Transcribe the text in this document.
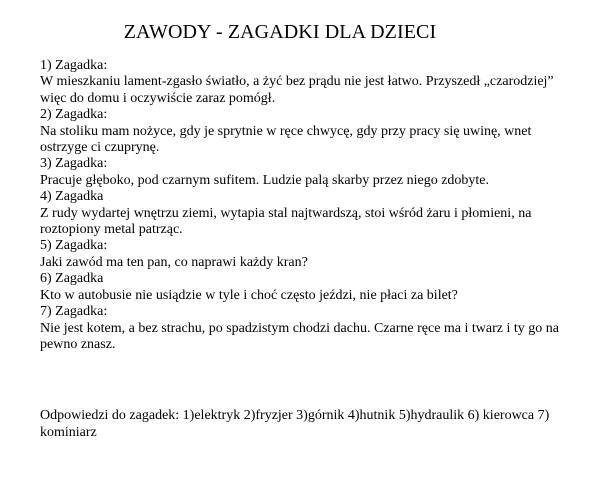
ZAWODY - ZAGADKI DLA DZIECI
1) Zagadka:
W mieszkaniu lament-zgasło światło, a żyć bez prądu nie jest łatwo. Przyszedł „czarodziej” więc do domu i oczywiście zaraz pomógł.
2) Zagadka:
Na stoliku mam nożyce, gdy je sprytnie w ręce chwycę, gdy przy pracy się uwinę, wnet ostrzyge ci czuprynę.
3) Zagadka:
Pracuje głęboko, pod czarnym sufitem. Ludzie palą skarby przez niego zdobyte.
4) Zagadka
Z rudy wydartej wnętrzu ziemi, wytapia stal najtwardszą, stoi wśród żaru i płomieni, na roztopiony metal patrząc.
5) Zagadka:
Jaki zawód ma ten pan, co naprawi każdy kran?
6) Zagadka
Kto w autobusie nie usiądzie w tyle i choć często jeździ, nie płaci za bilet?
7) Zagadka:
Nie jest kotem, a bez strachu, po spadzistym chodzi dachu. Czarne ręce ma i twarz i ty go na pewno znasz.
Odpowiedzi do zagadek: 1)elektryk 2)fryzjer 3)górnik 4)hutnik 5)hydraulik 6) kierowca 7) kominiarz
